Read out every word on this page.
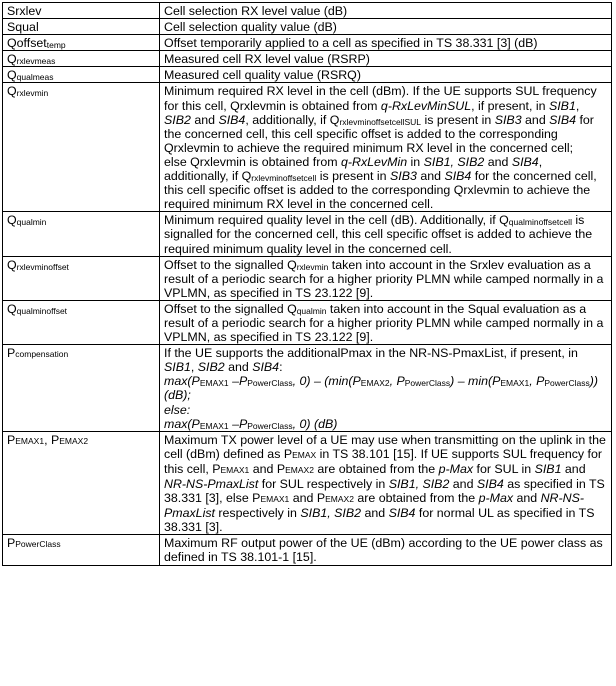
Srxlev	Cell selection RX level value (dB)
Squal	Cell selection quality value (dB)
Qoffset$_{temp}$	Offset temporarily applied to a cell as specified in TS 38.331 [3] (dB)
$Q_{rxlevmeas}$	Measured cell RX level value (RSRP)
$Q_{qualmeas}$	Measured cell quality value (RSRQ)
$Q_{rxlevmin}$	Minimum required RX level in the cell (dBm). If the UE supports SUL frequency for this cell, Qrxlevmin is obtained from q-RxLevMinSUL, if present, in SIB1, SIB2 and SIB4, additionally, if $Q_{rxlevminoffsetcellSUL}$ is present in SIB3 and SIB4 for the concerned cell, this cell specific offset is added to the corresponding Qrxlevmin to achieve the required minimum RX level in the concerned cell;
else Qrxlevmin is obtained from q-RxLevMin in SIB1, SIB2 and SIB4, additionally, if $Q_{rxlevminoffsetcell}$ is present in SIB3 and SIB4 for the concerned cell, this cell specific offset is added to the corresponding Qrxlevmin to achieve the required minimum RX level in the concerned cell.
$Q_{qualmin}$	Minimum required quality level in the cell (dB). Additionally, if $Q_{qualminoffsetcell}$ is signalled for the concerned cell, this cell specific offset is added to achieve the required minimum quality level in the concerned cell.
$Q_{rxlevminoffset}$	Offset to the signalled $Q_{rxlevmin}$ taken into account in the Srxlev evaluation as a result of a periodic search for a higher priority PLMN while camped normally in a VPLMN, as specified in TS 23.122 [9].
$Q_{qualminoffset}$	Offset to the signalled $Q_{qualmin}$ taken into account in the Squal evaluation as a result of a periodic search for a higher priority PLMN while camped normally in a VPLMN, as specified in TS 23.122 [9].
Pcompensation	If the UE supports the additionalPmax in the NR-NS-PmaxList, if present, in SIB1, SIB2 and SIB4:
$\max(P_{EMAX1}$ $-P_{PowerClass}$, $0) - (\min(P_{EMAX2}$, $P_{PowerClass}) - \min(P_{EMAX1}$, $P_{PowerClass}$)) (dB);
else:
$\max(P_{EMAX1}$ $-P_{PowerClass}$, 0) (dB)
PEMAX1, PEMAX2	Maximum TX power level of a UE may use when transmitting on the uplink in the cell (dBm) defined as PEMAX in TS 38.101 [15]. If UE supports SUL frequency for this cell, PEMAX1 and PEMAX2 are obtained from the p-Max for SUL in SIB1 and NR-NS-PmaxList for SUL respectively in SIB1, SIB2 and SIB4 as specified in TS 38.331 [3], else PEMAX1 and PEMAX2 are obtained from the p-Max and NR-NS-PmaxList respectively in SIB1, SIB2 and SIB4 for normal UL as specified in TS 38.331 [3].
PPowerClass	Maximum RF output power of the UE (dBm) according to the UE power class as defined in TS 38.101-1 [15].
